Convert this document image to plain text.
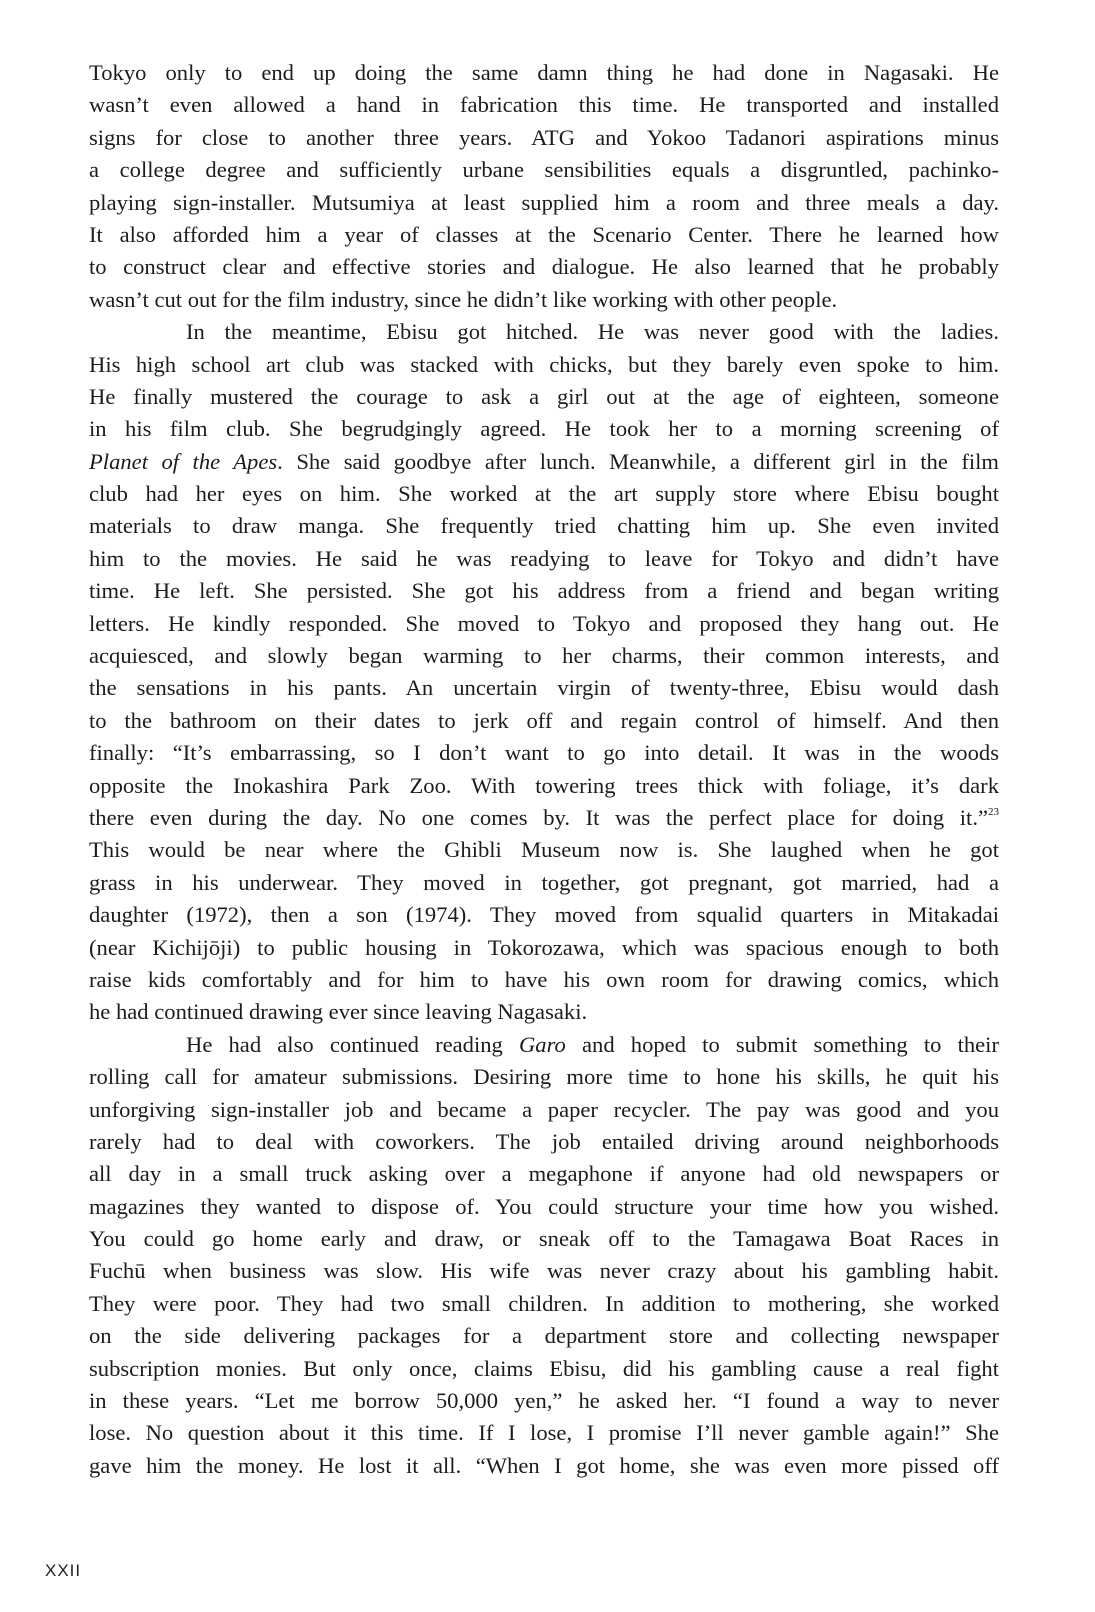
Tokyo only to end up doing the same damn thing he had done in Nagasaki. He
wasn’t even allowed a hand in fabrication this time. He transported and installed
signs for close to another three years. ATG and Yokoo Tadanori aspirations minus
a college degree and sufficiently urbane sensibilities equals a disgruntled, pachinko-
playing sign-installer. Mutsumiya at least supplied him a room and three meals a day.
It also afforded him a year of classes at the Scenario Center. There he learned how
to construct clear and effective stories and dialogue. He also learned that he probably
wasn’t cut out for the film industry, since he didn’t like working with other people.
In the meantime, Ebisu got hitched. He was never good with the ladies.
His high school art club was stacked with chicks, but they barely even spoke to him.
He finally mustered the courage to ask a girl out at the age of eighteen, someone
in his film club. She begrudgingly agreed. He took her to a morning screening of
Planet of the Apes. She said goodbye after lunch. Meanwhile, a different girl in the film
club had her eyes on him. She worked at the art supply store where Ebisu bought
materials to draw manga. She frequently tried chatting him up. She even invited
him to the movies. He said he was readying to leave for Tokyo and didn’t have
time. He left. She persisted. She got his address from a friend and began writing
letters. He kindly responded. She moved to Tokyo and proposed they hang out. He
acquiesced, and slowly began warming to her charms, their common interests, and
the sensations in his pants. An uncertain virgin of twenty-three, Ebisu would dash
to the bathroom on their dates to jerk off and regain control of himself. And then
finally: “It’s embarrassing, so I don’t want to go into detail. It was in the woods
opposite the Inokashira Park Zoo. With towering trees thick with foliage, it’s dark
there even during the day. No one comes by. It was the perfect place for doing it.”$^{23}$
This would be near where the Ghibli Museum now is. She laughed when he got
grass in his underwear. They moved in together, got pregnant, got married, had a
daughter (1972), then a son (1974). They moved from squalid quarters in Mitakadai
(near Kichijōji) to public housing in Tokorozawa, which was spacious enough to both
raise kids comfortably and for him to have his own room for drawing comics, which
he had continued drawing ever since leaving Nagasaki.
He had also continued reading Garo and hoped to submit something to their
rolling call for amateur submissions. Desiring more time to hone his skills, he quit his
unforgiving sign-installer job and became a paper recycler. The pay was good and you
rarely had to deal with coworkers. The job entailed driving around neighborhoods
all day in a small truck asking over a megaphone if anyone had old newspapers or
magazines they wanted to dispose of. You could structure your time how you wished.
You could go home early and draw, or sneak off to the Tamagawa Boat Races in
Fuchū when business was slow. His wife was never crazy about his gambling habit.
They were poor. They had two small children. In addition to mothering, she worked
on the side delivering packages for a department store and collecting newspaper
subscription monies. But only once, claims Ebisu, did his gambling cause a real fight
in these years. “Let me borrow 50,000 yen,” he asked her. “I found a way to never
lose. No question about it this time. If I lose, I promise I’ll never gamble again!” She
gave him the money. He lost it all. “When I got home, she was even more pissed off
XXII
